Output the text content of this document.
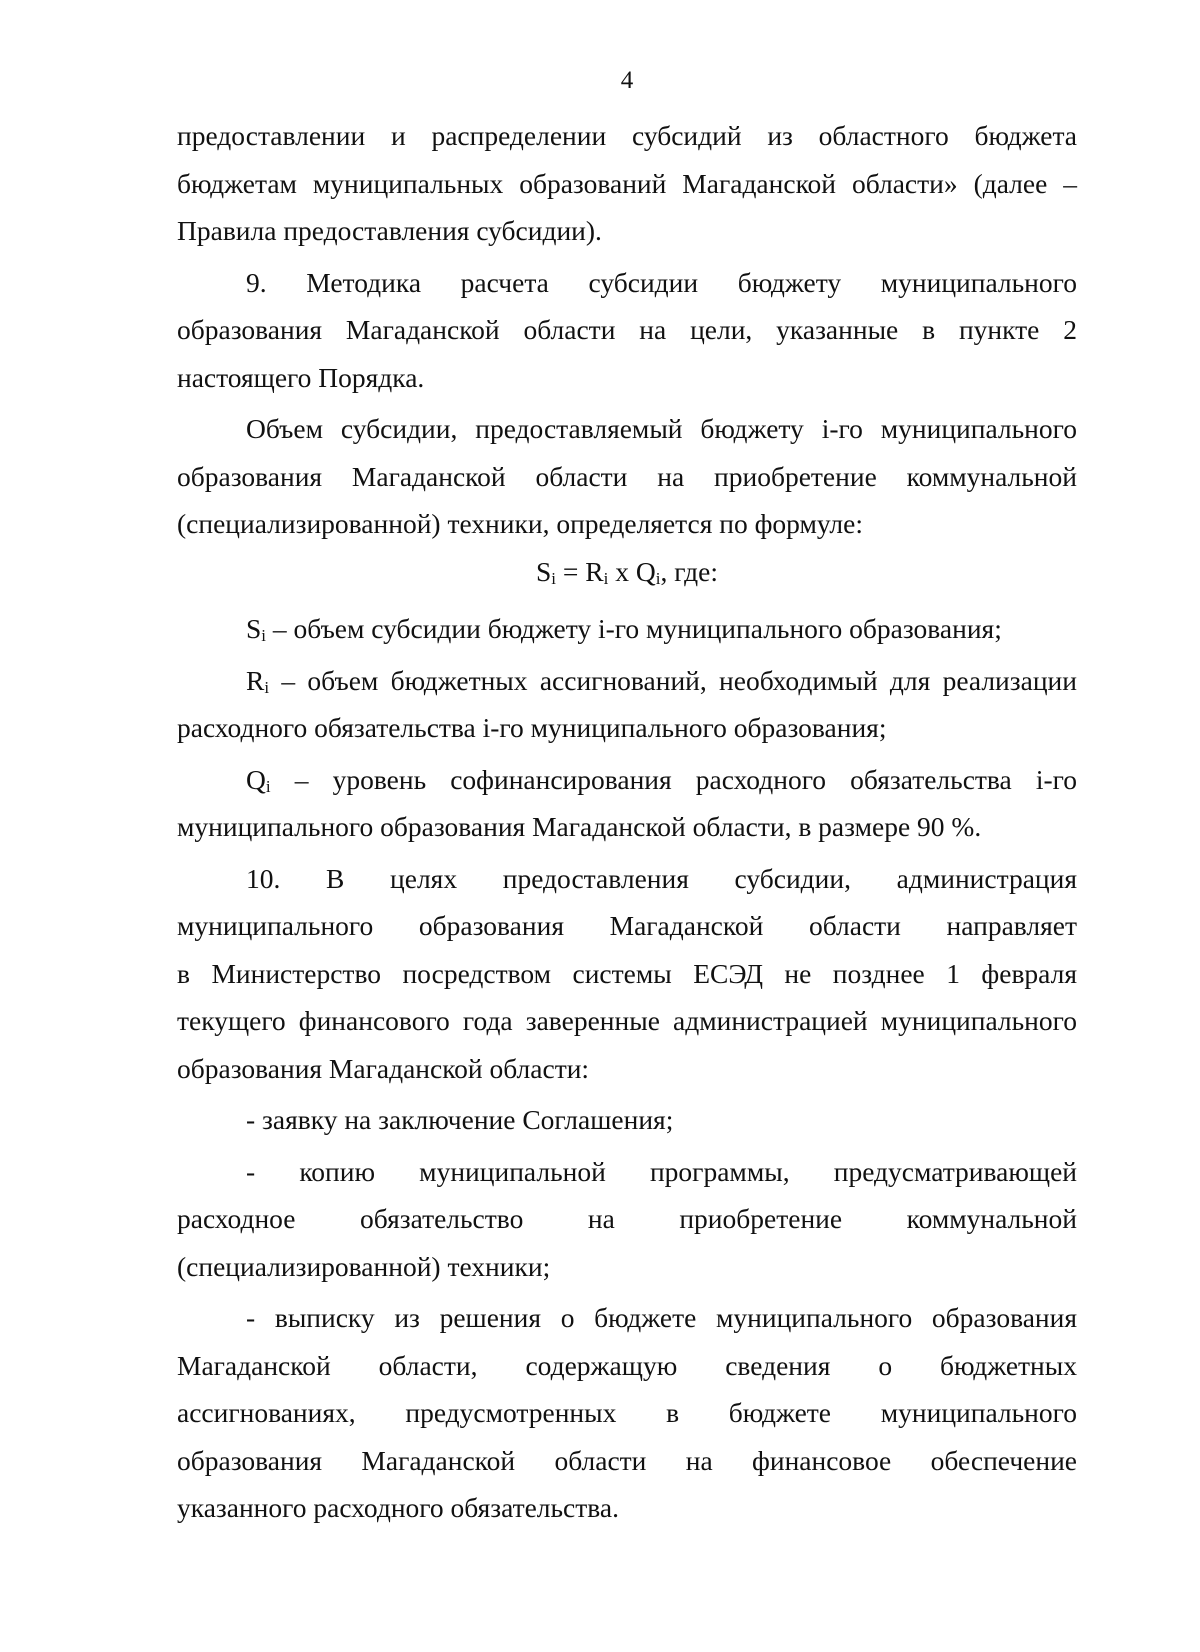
4

предоставлении и распределении субсидий из областного бюджета

бюджетам муниципальных образований Магаданской области» (далее –

Правила предоставления субсидии).

9. Методика расчета субсидии бюджету муниципального

образования Магаданской области на цели, указанные в пункте 2

настоящего Порядка.

Объем субсидии, предоставляемый бюджету i-го муниципального

образования Магаданской области на приобретение коммунальной

(специализированной) техники, определяется по формуле:

$S_i = R_i$ х $Q_i$, где:

$S_i$ – объем субсидии бюджету i-го муниципального образования;

$R_i$ – объем бюджетных ассигнований, необходимый для реализации

расходного обязательства i-го муниципального образования;

$Q_i$ – уровень софинансирования расходного обязательства i-го

муниципального образования Магаданской области, в размере 90 %.

10. В целях предоставления субсидии, администрация

муниципального образования Магаданской области направляет

в Министерство посредством системы ЕСЭД не позднее 1 февраля

текущего финансового года заверенные администрацией муниципального

образования Магаданской области:

- заявку на заключение Соглашения;

- копию муниципальной программы, предусматривающей

расходное обязательство на приобретение коммунальной

(специализированной) техники;

- выписку из решения о бюджете муниципального образования

Магаданской области, содержащую сведения о бюджетных

ассигнованиях, предусмотренных в бюджете муниципального

образования Магаданской области на финансовое обеспечение

указанного расходного обязательства.
